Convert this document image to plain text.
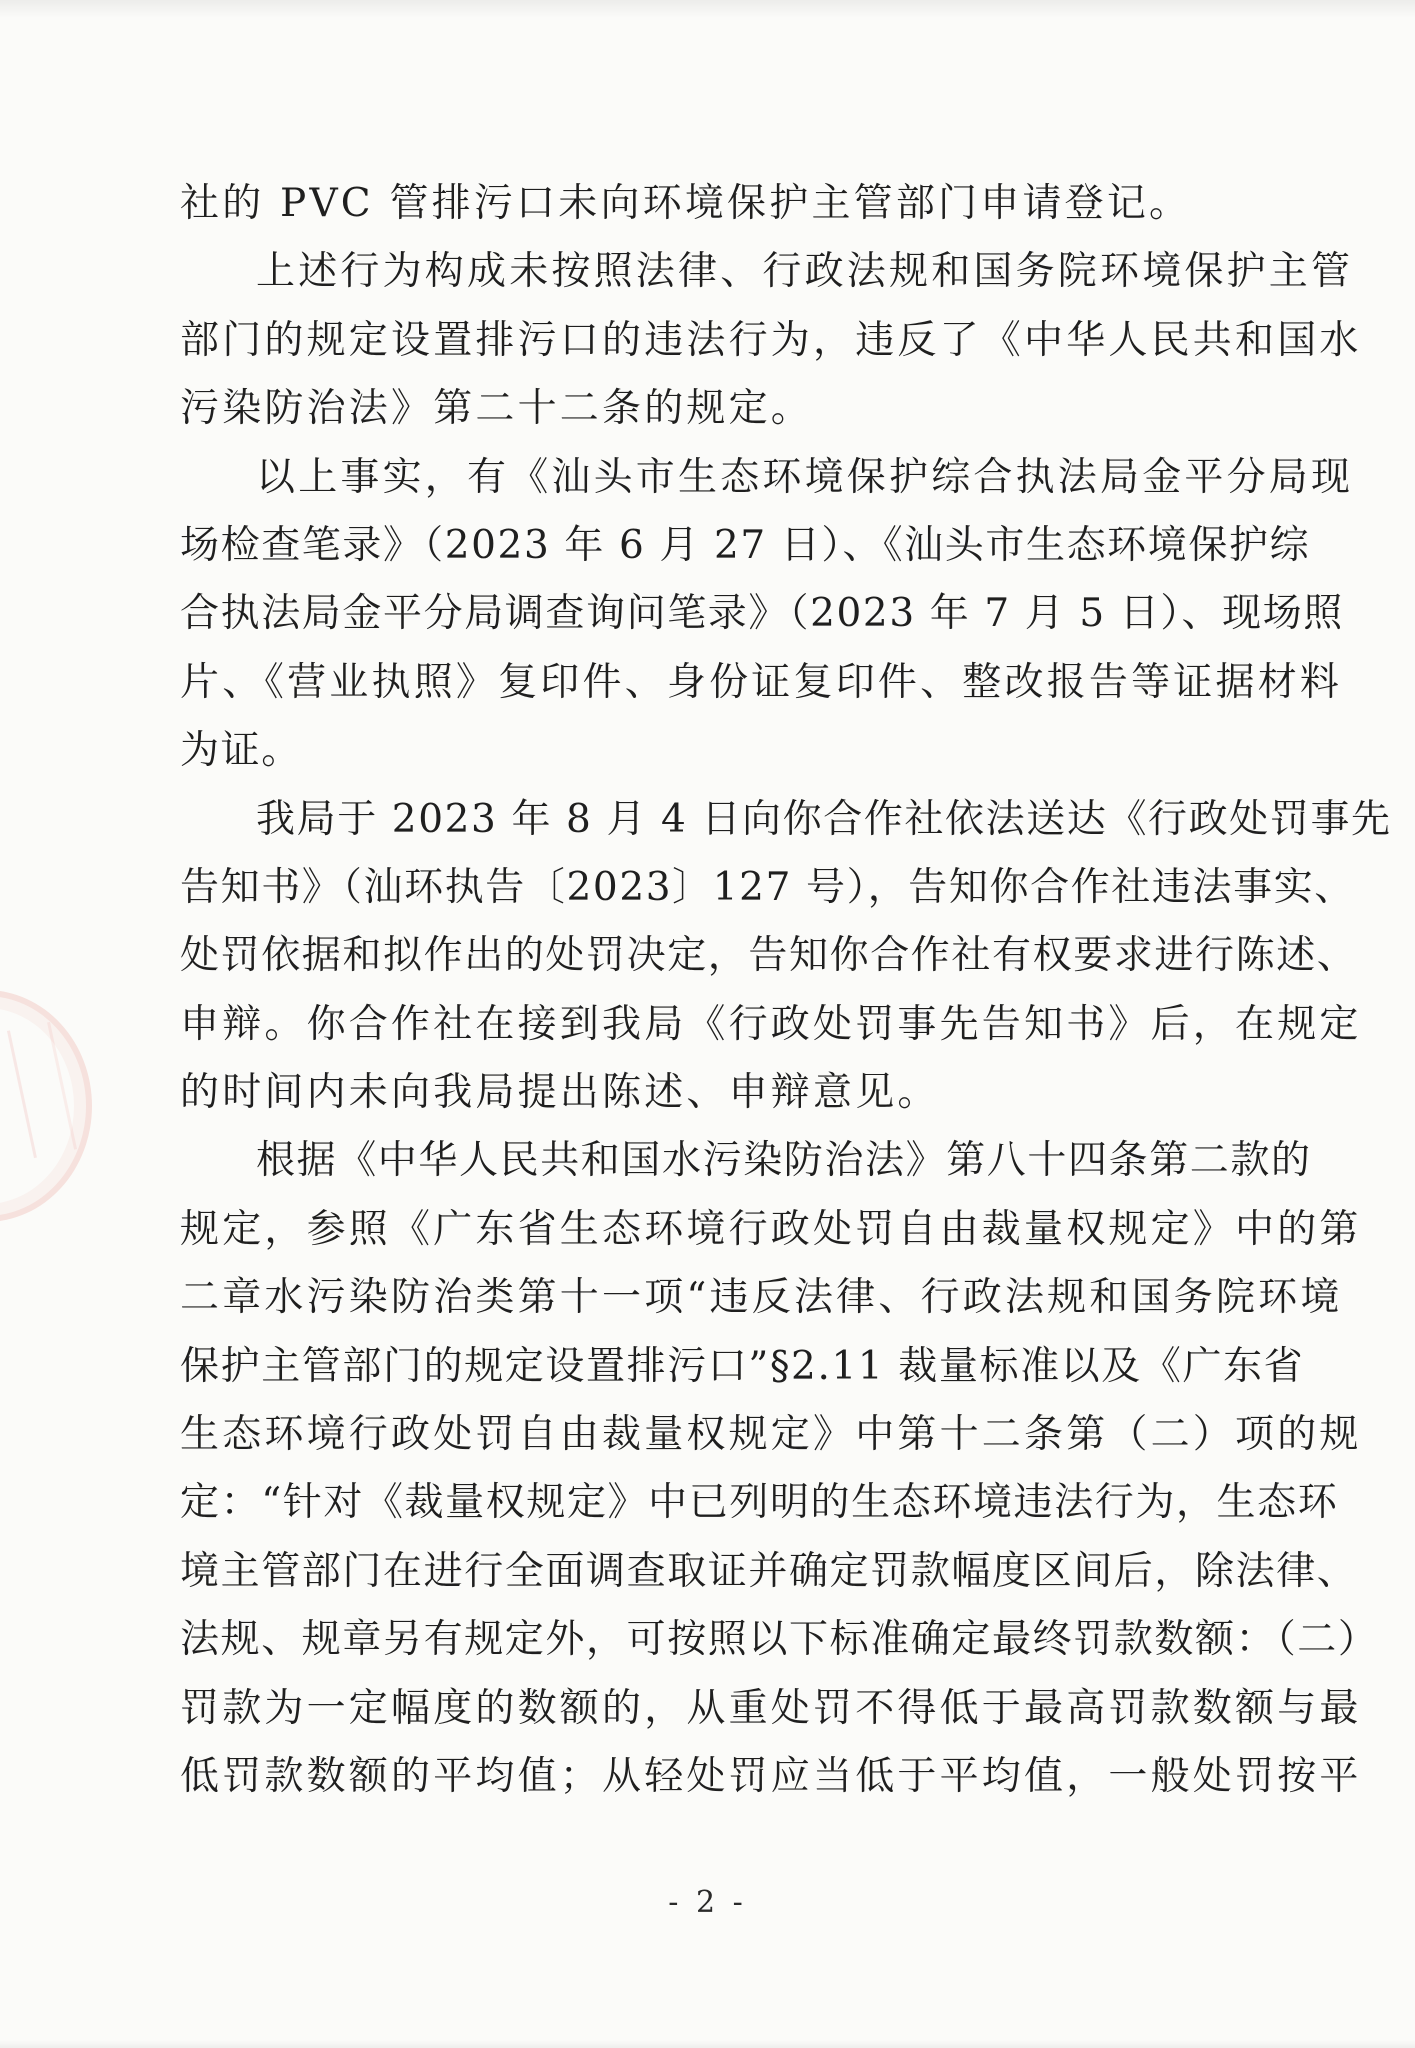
社的 PVC 管排污口未向环境保护主管部门申请登记。
上述行为构成未按照法律、行政法规和国务院环境保护主管
部门的规定设置排污口的违法行为，违反了《中华人民共和国水
污染防治法》第二十二条的规定。
以上事实，有《汕头市生态环境保护综合执法局金平分局现
场检查笔录》（2023 年 6 月 27 日）、《汕头市生态环境保护综
合执法局金平分局调查询问笔录》（2023 年 7 月 5 日）、现场照
片、《营业执照》复印件、身份证复印件、整改报告等证据材料
为证。
我局于 2023 年 8 月 4 日向你合作社依法送达《行政处罚事先
告知书》（汕环执告〔2023〕127 号），告知你合作社违法事实、
处罚依据和拟作出的处罚决定，告知你合作社有权要求进行陈述、
申辩。你合作社在接到我局《行政处罚事先告知书》后，在规定
的时间内未向我局提出陈述、申辩意见。
根据《中华人民共和国水污染防治法》第八十四条第二款的
规定，参照《广东省生态环境行政处罚自由裁量权规定》中的第
二章水污染防治类第十一项“违反法律、行政法规和国务院环境
保护主管部门的规定设置排污口”§2.11 裁量标准以及《广东省
生态环境行政处罚自由裁量权规定》中第十二条第（二）项的规
定：“针对《裁量权规定》中已列明的生态环境违法行为，生态环
境主管部门在进行全面调查取证并确定罚款幅度区间后，除法律、
法规、规章另有规定外，可按照以下标准确定最终罚款数额：（二）
罚款为一定幅度的数额的，从重处罚不得低于最高罚款数额与最
低罚款数额的平均值；从轻处罚应当低于平均值，一般处罚按平
- 2 -
